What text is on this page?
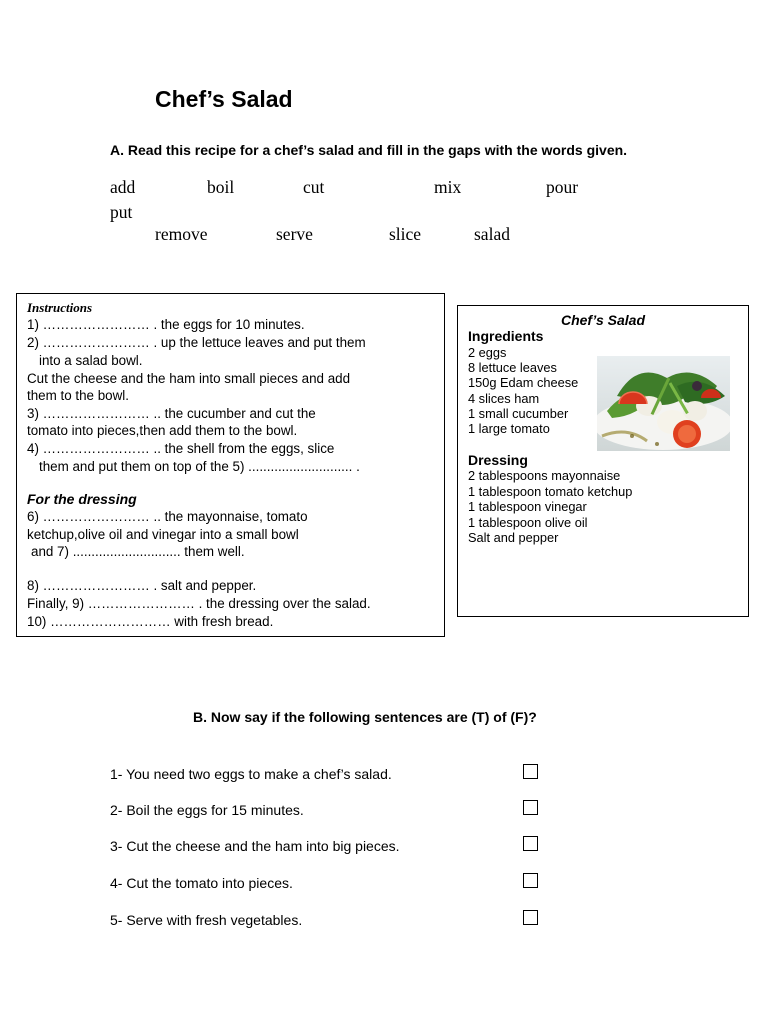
Chef’s Salad
A. Read this recipe for a chef’s salad and fill in the gaps with the words given.
add	boil	cut	mix	pour
put
remove	serve	slice	salad
Instructions
1) …………………… . the eggs for 10 minutes.
2) …………………… . up the lettuce leaves and put them
into a salad bowl.
Cut the cheese and the ham into small pieces and add
them to the bowl.
3) …………………… .. the cucumber and cut the
tomato into pieces,then add them to the bowl.
4) …………………… .. the shell from the eggs, slice
them and put them on top of the 5) ............................ .
For the dressing
6) …………………… .. the mayonnaise, tomato
ketchup,olive oil and vinegar into a small bowl
and 7) ............................. them well.
8) …………………… . salt and pepper.
Finally, 9) …………………… . the dressing over the salad.
10) ……………………… with fresh bread.
Chef’s Salad
Ingredients
2 eggs
8 lettuce leaves
150g Edam cheese
4 slices ham
1 small cucumber
1 large tomato
Dressing
2 tablespoons mayonnaise
1 tablespoon tomato ketchup
1 tablespoon vinegar
1 tablespoon olive oil
Salt and pepper
B. Now say if the following sentences are (T) of (F)?
1- You need two eggs to make a chef’s salad.
2- Boil the eggs for 15 minutes.
3- Cut the cheese and the ham into big pieces.
4- Cut the tomato into pieces.
5- Serve with fresh vegetables.
